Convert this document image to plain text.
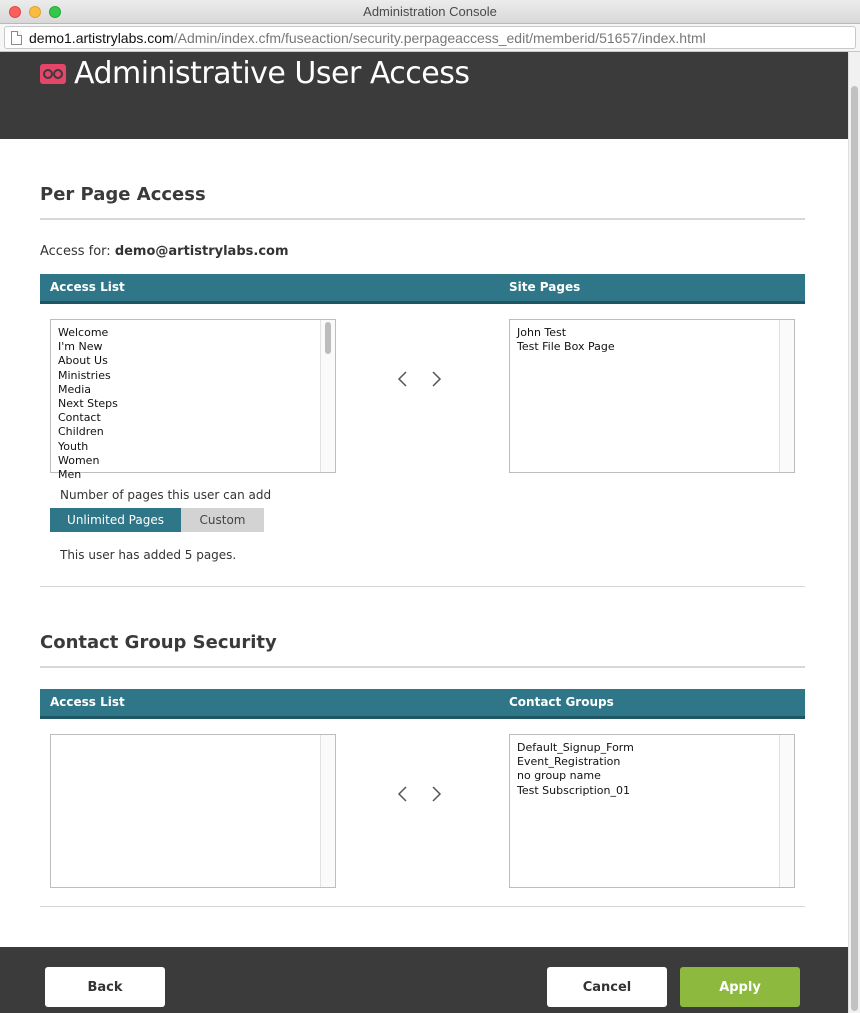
Administration Console
demo1.artistrylabs.com/Admin/index.cfm/fuseaction/security.perpageaccess_edit/memberid/51657/index.html
Administrative User Access
Per Page Access
Access for: demo@artistrylabs.com
Access List	Site Pages
Welcome
I'm New
About Us
Ministries
Media
Next Steps
Contact
Children
Youth
Women
Men
John Test
Test File Box Page
Number of pages this user can add
Unlimited Pages	Custom
This user has added 5 pages.
Contact Group Security
Access List	Contact Groups
Default_Signup_Form
Event_Registration
no group name
Test Subscription_01
Back	Cancel	Apply
